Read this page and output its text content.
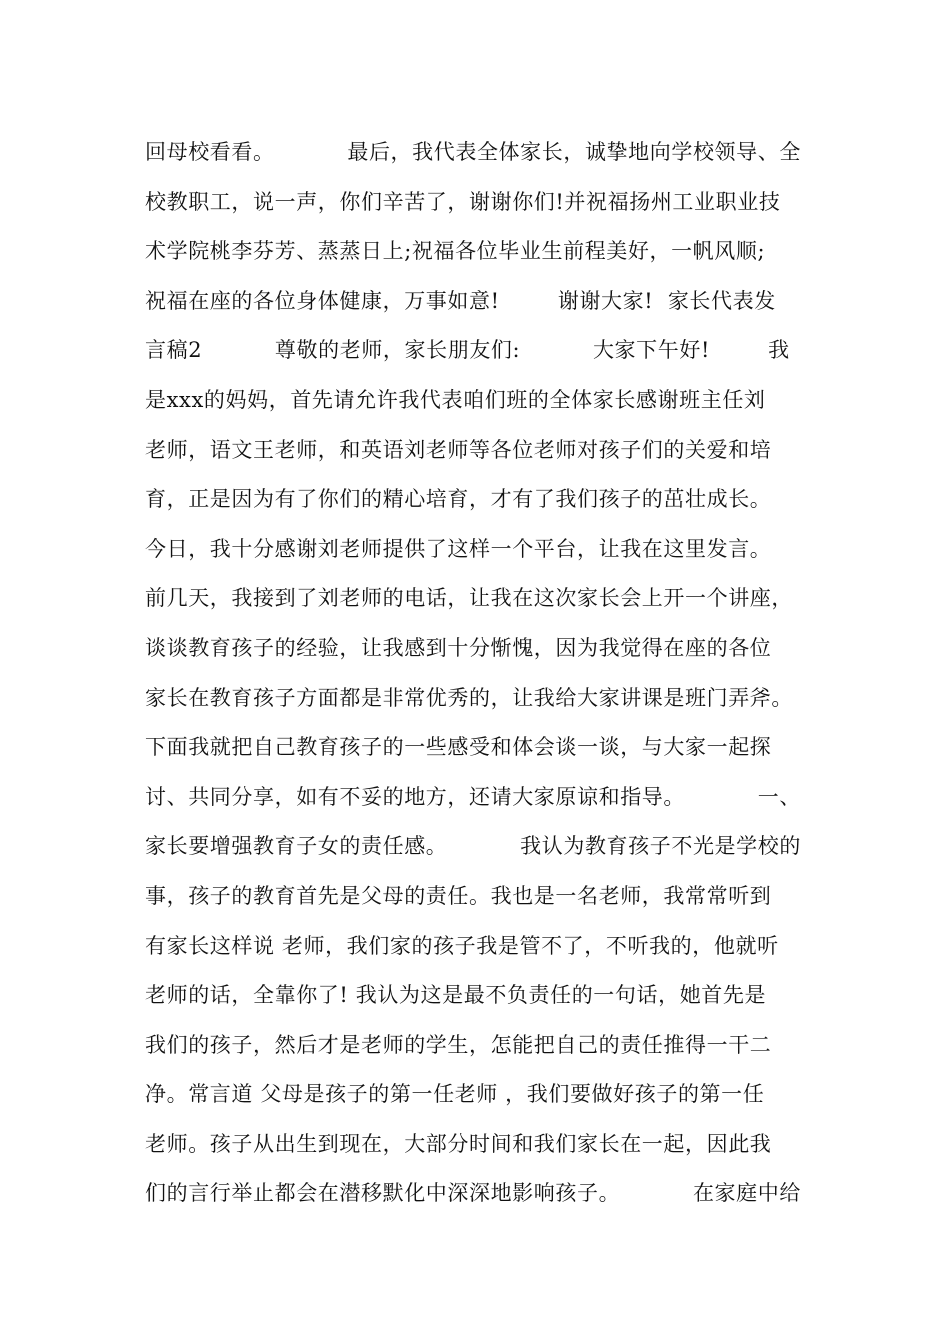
回母校看看。          最后，我代表全体家长，诚挚地向学校领导、全
校教职工，说一声，你们辛苦了，谢谢你们!并祝福扬州工业职业技
术学院桃李芬芳、蒸蒸日上;祝福各位毕业生前程美好，一帆风顺;
祝福在座的各位身体健康，万事如意!        谢谢大家!  家长代表发
言稿2          尊敬的老师，家长朋友们:          大家下午好!        我
是xxx的妈妈，首先请允许我代表咱们班的全体家长感谢班主任刘
老师，语文王老师，和英语刘老师等各位老师对孩子们的关爱和培
育，正是因为有了你们的精心培育，才有了我们孩子的茁壮成长。
今日，我十分感谢刘老师提供了这样一个平台，让我在这里发言。
前几天，我接到了刘老师的电话，让我在这次家长会上开一个讲座，
谈谈教育孩子的经验，让我感到十分惭愧，因为我觉得在座的各位
家长在教育孩子方面都是非常优秀的，让我给大家讲课是班门弄斧。
下面我就把自己教育孩子的一些感受和体会谈一谈，与大家一起探
讨、共同分享，如有不妥的地方，还请大家原谅和指导。          一、
家长要增强教育子女的责任感。          我认为教育孩子不光是学校的
事，孩子的教育首先是父母的责任。我也是一名老师，我常常听到
有家长这样说 老师，我们家的孩子我是管不了，不听我的，他就听
老师的话，全靠你了! 我认为这是最不负责任的一句话，她首先是
我们的孩子，然后才是老师的学生，怎能把自己的责任推得一干二
净。常言道 父母是孩子的第一任老师 ，我们要做好孩子的第一任
老师。孩子从出生到现在，大部分时间和我们家长在一起，因此我
们的言行举止都会在潜移默化中深深地影响孩子。          在家庭中给
